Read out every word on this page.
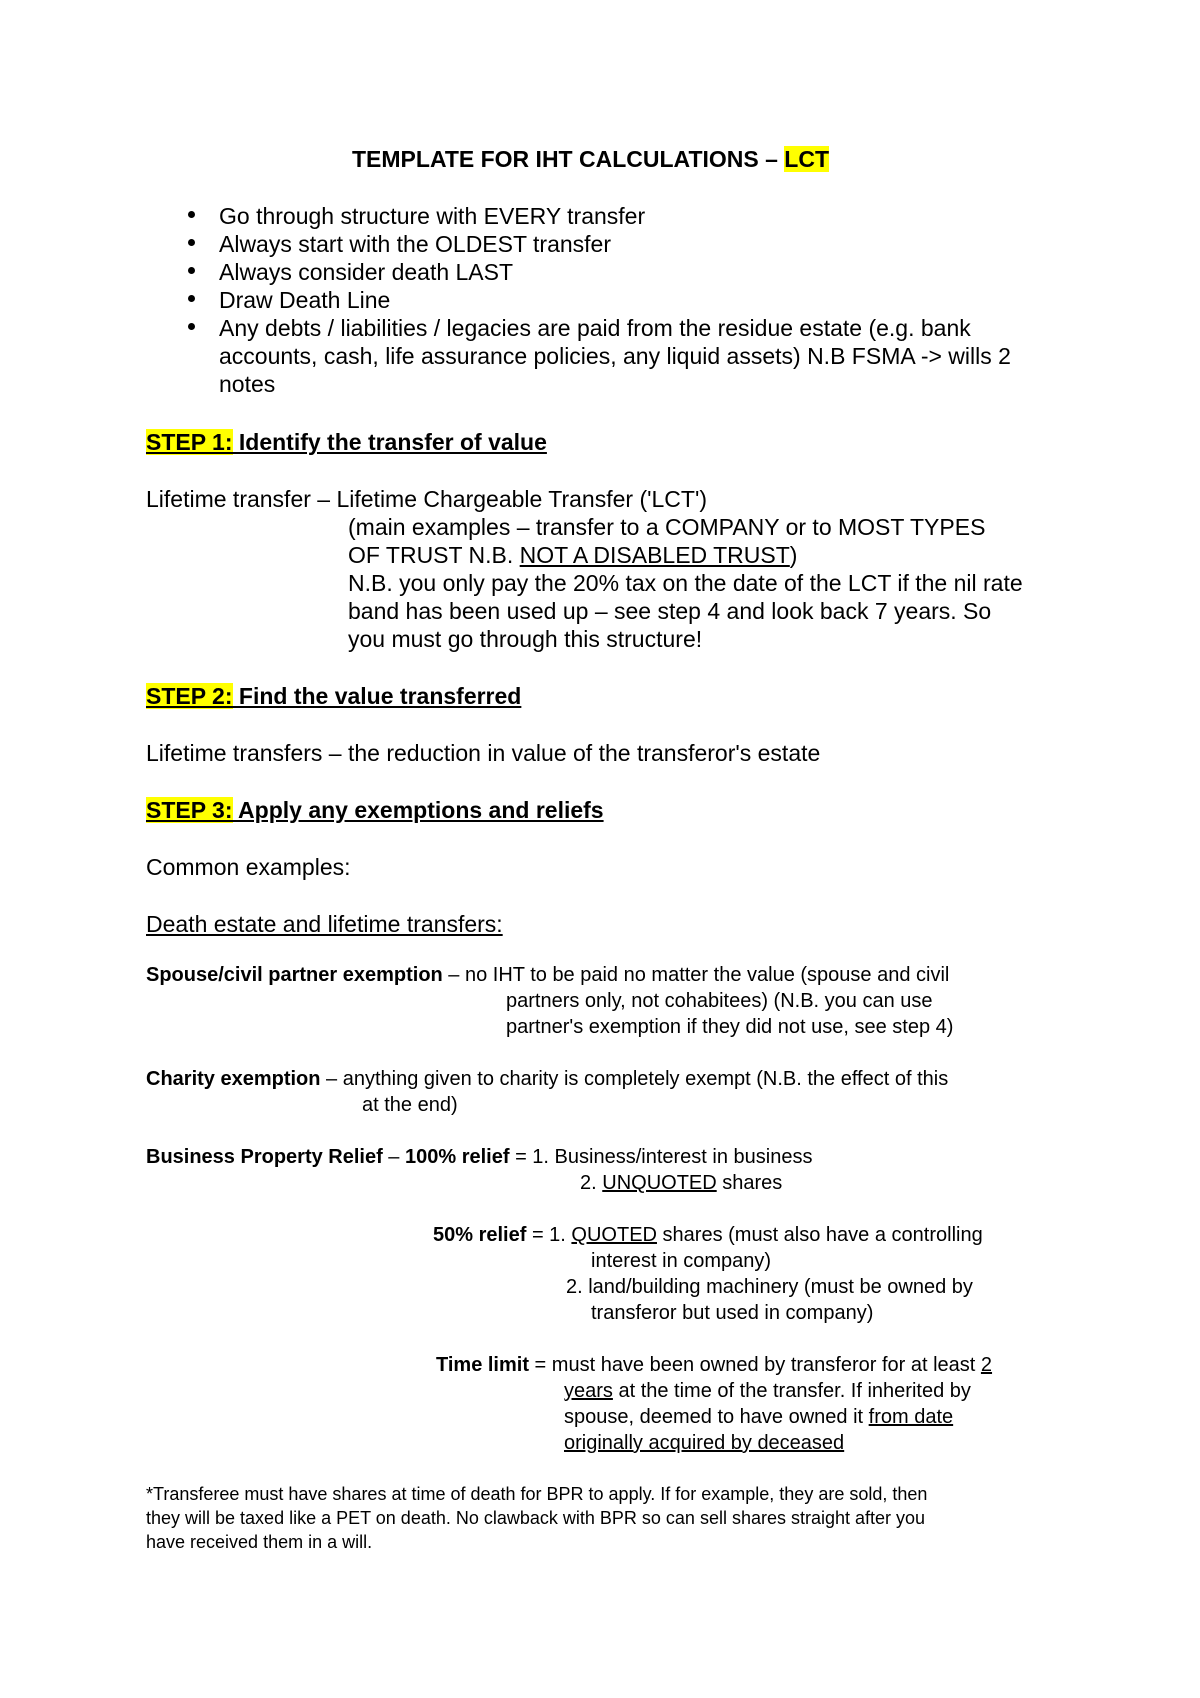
TEMPLATE FOR IHT CALCULATIONS – LCT
Go through structure with EVERY transfer
Always start with the OLDEST transfer
Always consider death LAST
Draw Death Line
Any debts / liabilities / legacies are paid from the residue estate (e.g. bank
accounts, cash, life assurance policies, any liquid assets) N.B FSMA -> wills 2
notes
STEP 1: Identify the transfer of value
Lifetime transfer – Lifetime Chargeable Transfer ('LCT')
(main examples – transfer to a COMPANY or to MOST TYPES
OF TRUST N.B. NOT A DISABLED TRUST)
N.B. you only pay the 20% tax on the date of the LCT if the nil rate
band has been used up – see step 4 and look back 7 years. So
you must go through this structure!
STEP 2: Find the value transferred
Lifetime transfers – the reduction in value of the transferor's estate
STEP 3: Apply any exemptions and reliefs
Common examples:
Death estate and lifetime transfers:
Spouse/civil partner exemption – no IHT to be paid no matter the value (spouse and civil
partners only, not cohabitees) (N.B. you can use
partner's exemption if they did not use, see step 4)
Charity exemption – anything given to charity is completely exempt (N.B. the effect of this
at the end)
Business Property Relief – 100% relief = 1. Business/interest in business
2. UNQUOTED shares
50% relief = 1. QUOTED shares (must also have a controlling
interest in company)
2. land/building machinery (must be owned by
transferor but used in company)
Time limit = must have been owned by transferor for at least 2
years at the time of the transfer. If inherited by
spouse, deemed to have owned it from date
originally acquired by deceased
*Transferee must have shares at time of death for BPR to apply. If for example, they are sold, then
they will be taxed like a PET on death. No clawback with BPR so can sell shares straight after you
have received them in a will.
